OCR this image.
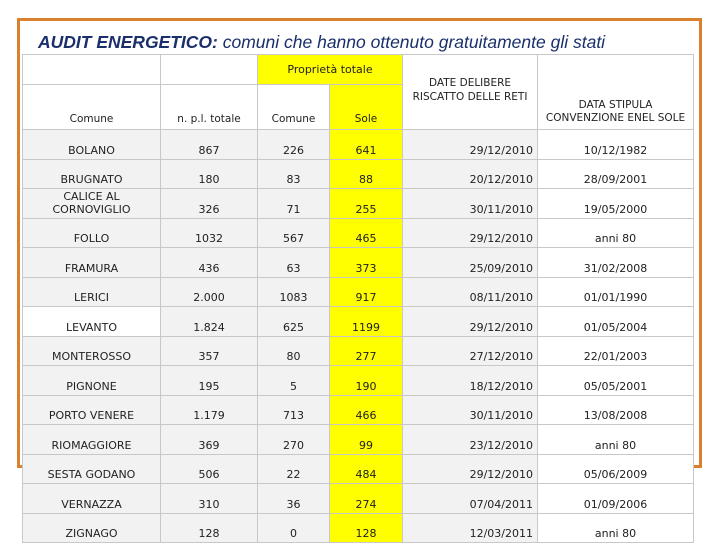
AUDIT ENERGETICO: comuni che hanno ottenuto gratuitamente gli stati
		Proprietà totale		DATE DELIBERE RISCATTO DELLE RETI	DATA STIPULA CONVENZIONE ENEL SOLE
Comune	n. p.l. totale	Comune	Sole		
BOLANO	867	226	641	29/12/2010	10/12/1982
BRUGNATO	180	83	88	20/12/2010	28/09/2001
CALICE AL CORNOVIGLIO	326	71	255	30/11/2010	19/05/2000
FOLLO	1032	567	465	29/12/2010	anni 80
FRAMURA	436	63	373	25/09/2010	31/02/2008
LERICI	2.000	1083	917	08/11/2010	01/01/1990
LEVANTO	1.824	625	1199	29/12/2010	01/05/2004
MONTEROSSO	357	80	277	27/12/2010	22/01/2003
PIGNONE	195	5	190	18/12/2010	05/05/2001
PORTO VENERE	1.179	713	466	30/11/2010	13/08/2008
RIOMAGGIORE	369	270	99	23/12/2010	anni 80
SESTA GODANO	506	22	484	29/12/2010	05/06/2009
VERNAZZA	310	36	274	07/04/2011	01/09/2006
ZIGNAGO	128	0	128	12/03/2011	anni 80
